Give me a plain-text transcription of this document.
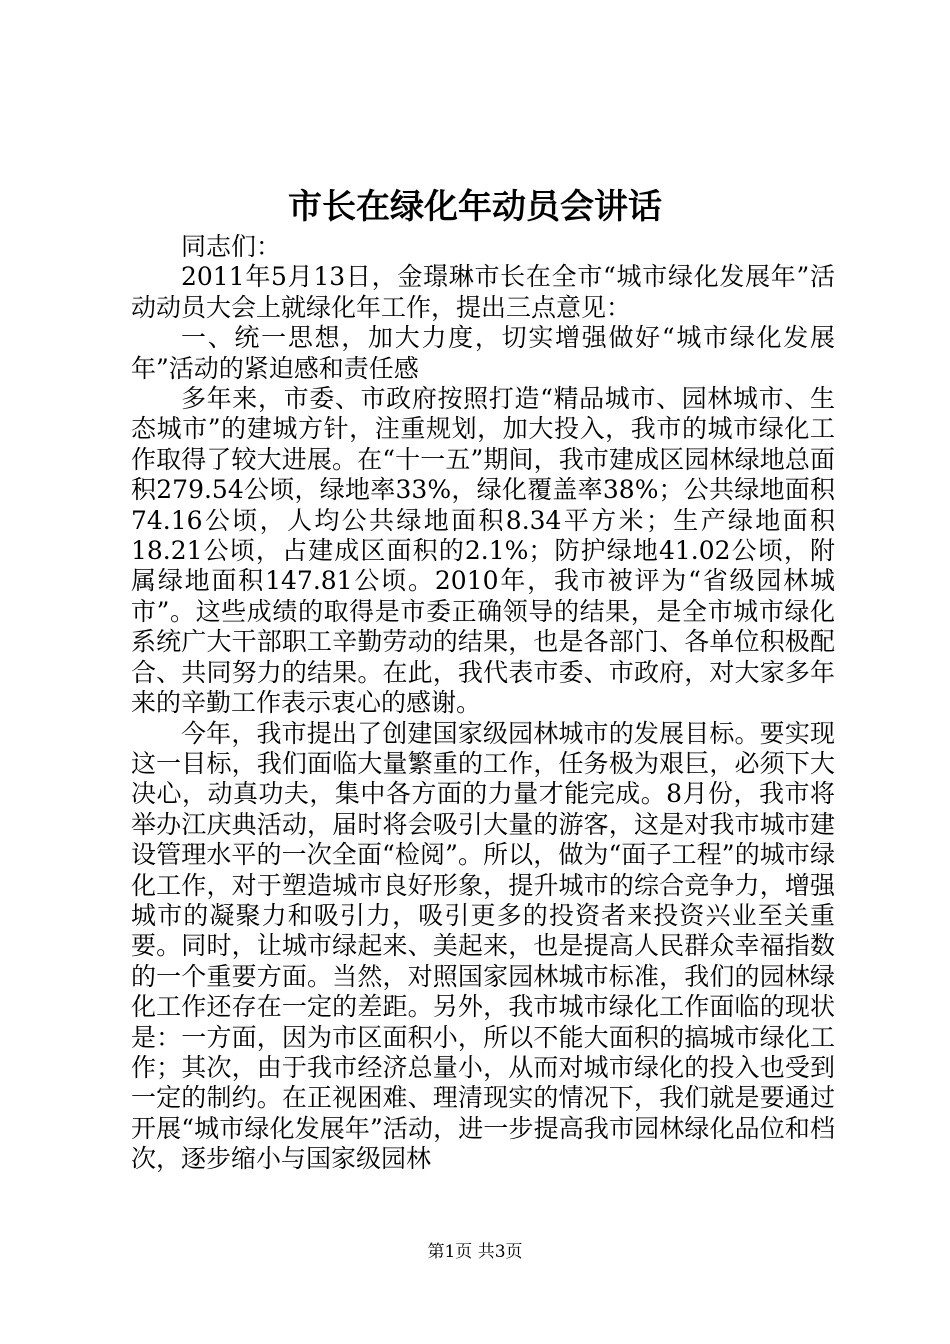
市长在绿化年动员会讲话

同志们：

2011年5月13日，金璟琳市长在全市“城市绿化发展年”活动动员大会上就绿化年工作，提出三点意见：

一、统一思想，加大力度，切实增强做好“城市绿化发展年”活动的紧迫感和责任感

多年来，市委、市政府按照打造“精品城市、园林城市、生态城市”的建城方针，注重规划，加大投入，我市的城市绿化工作取得了较大进展。在“十一五”期间，我市建成区园林绿地总面积279.54公顷，绿地率33%，绿化覆盖率38%；公共绿地面积74.16公顷，人均公共绿地面积8.34平方米；生产绿地面积18.21公顷，占建成区面积的2.1%；防护绿地41.02公顷，附属绿地面积147.81公顷。2010年，我市被评为“省级园林城市”。这些成绩的取得是市委正确领导的结果，是全市城市绿化系统广大干部职工辛勤劳动的结果，也是各部门、各单位积极配合、共同努力的结果。在此，我代表市委、市政府，对大家多年来的辛勤工作表示衷心的感谢。

今年，我市提出了创建国家级园林城市的发展目标。要实现这一目标，我们面临大量繁重的工作，任务极为艰巨，必须下大决心，动真功夫，集中各方面的力量才能完成。8月份，我市将举办江庆典活动，届时将会吸引大量的游客，这是对我市城市建设管理水平的一次全面“检阅”。所以，做为“面子工程”的城市绿化工作，对于塑造城市良好形象，提升城市的综合竞争力，增强城市的凝聚力和吸引力，吸引更多的投资者来投资兴业至关重要。同时，让城市绿起来、美起来，也是提高人民群众幸福指数的一个重要方面。当然，对照国家园林城市标准，我们的园林绿化工作还存在一定的差距。另外，我市城市绿化工作面临的现状是：一方面，因为市区面积小，所以不能大面积的搞城市绿化工作；其次，由于我市经济总量小，从而对城市绿化的投入也受到一定的制约。在正视困难、理清现实的情况下，我们就是要通过开展“城市绿化发展年”活动，进一步提高我市园林绿化品位和档次，逐步缩小与国家级园林

第1页 共3页
